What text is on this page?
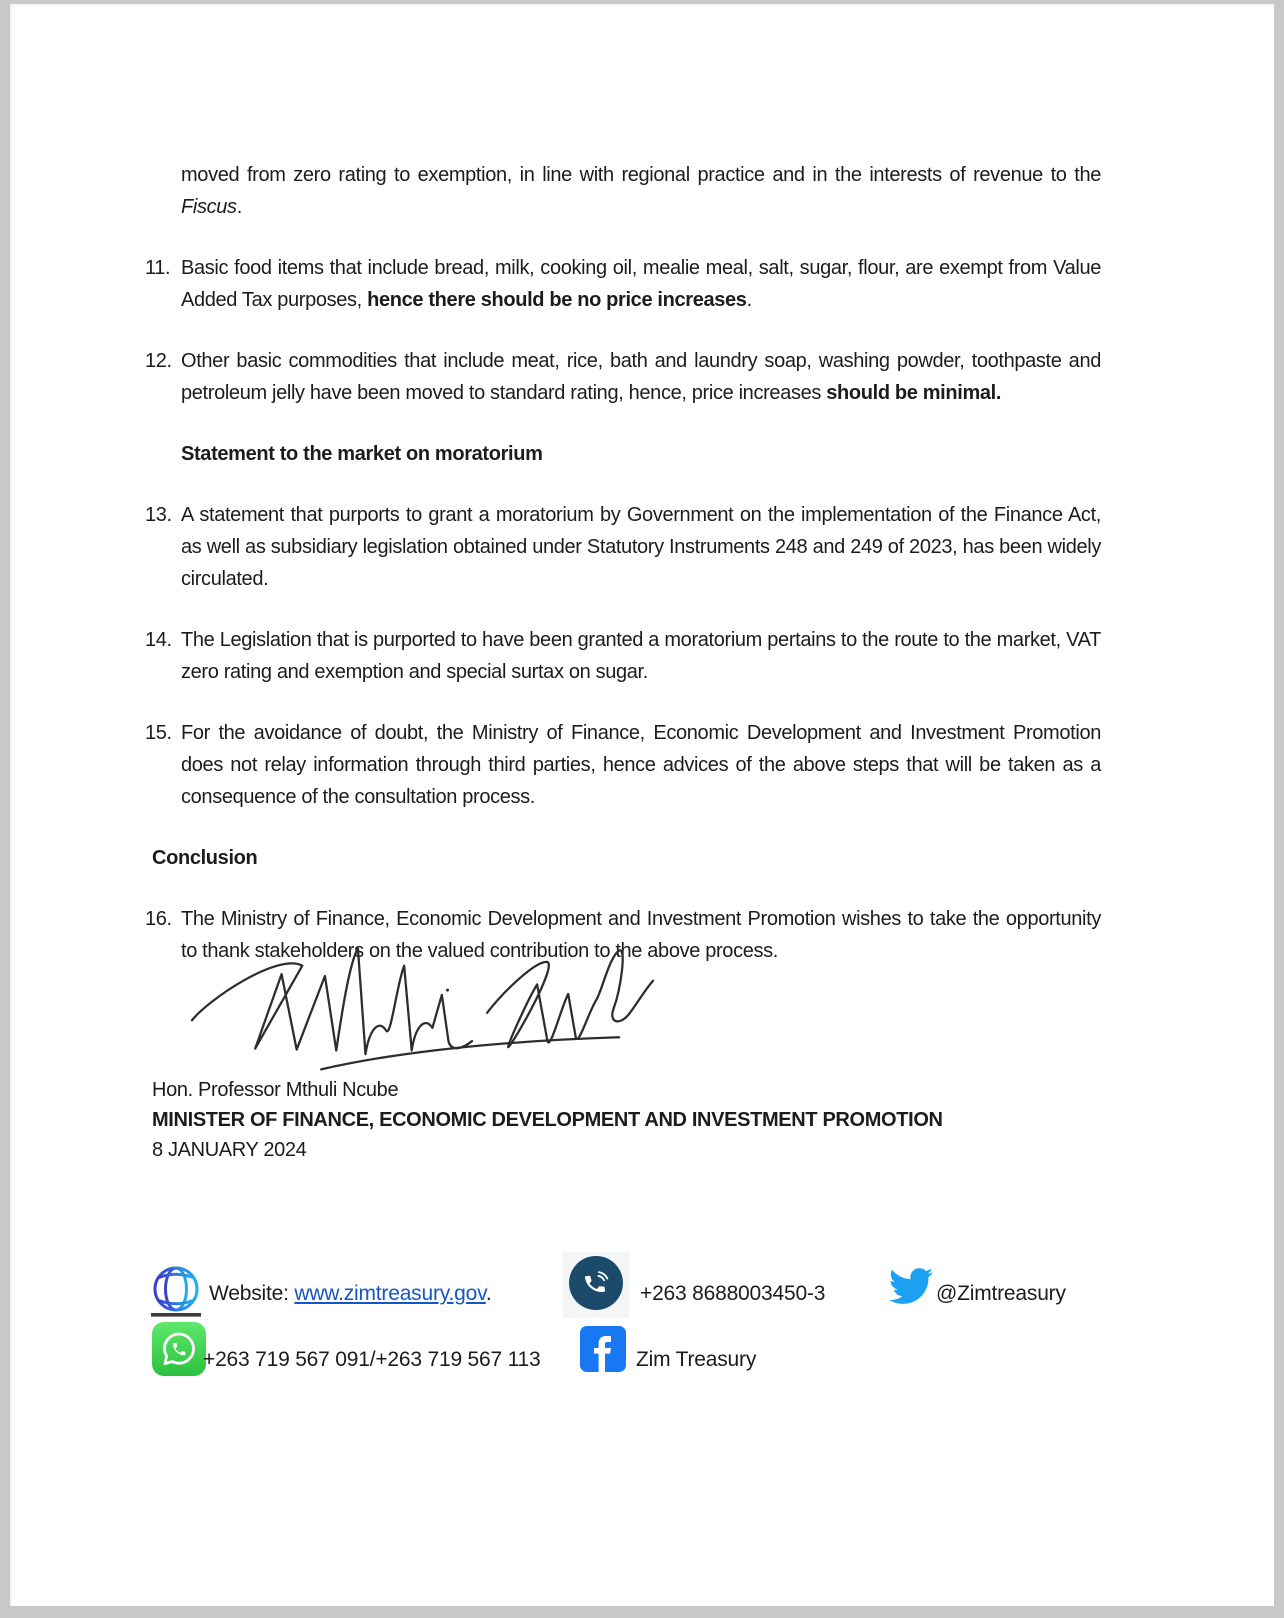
moved from zero rating to exemption, in line with regional practice and in the interests of revenue to the Fiscus.
11. Basic food items that include bread, milk, cooking oil, mealie meal, salt, sugar, flour, are exempt from Value Added Tax purposes, hence there should be no price increases.
12. Other basic commodities that include meat, rice, bath and laundry soap, washing powder, toothpaste and petroleum jelly have been moved to standard rating, hence, price increases should be minimal.
Statement to the market on moratorium
13. A statement that purports to grant a moratorium by Government on the implementation of the Finance Act, as well as subsidiary legislation obtained under Statutory Instruments 248 and 249 of 2023, has been widely circulated.
14. The Legislation that is purported to have been granted a moratorium pertains to the route to the market, VAT zero rating and exemption and special surtax on sugar.
15. For the avoidance of doubt, the Ministry of Finance, Economic Development and Investment Promotion does not relay information through third parties, hence advices of the above steps that will be taken as a consequence of the consultation process.
Conclusion
16. The Ministry of Finance, Economic Development and Investment Promotion wishes to take the opportunity to thank stakeholders on the valued contribution to the above process.
Hon. Professor Mthuli Ncube
MINISTER OF FINANCE, ECONOMIC DEVELOPMENT AND INVESTMENT PROMOTION
8 JANUARY 2024
Website: www.zimtreasury.gov.	+263 8688003450-3	@Zimtreasury
+263 719 567 091/+263 719 567 113	Zim Treasury
